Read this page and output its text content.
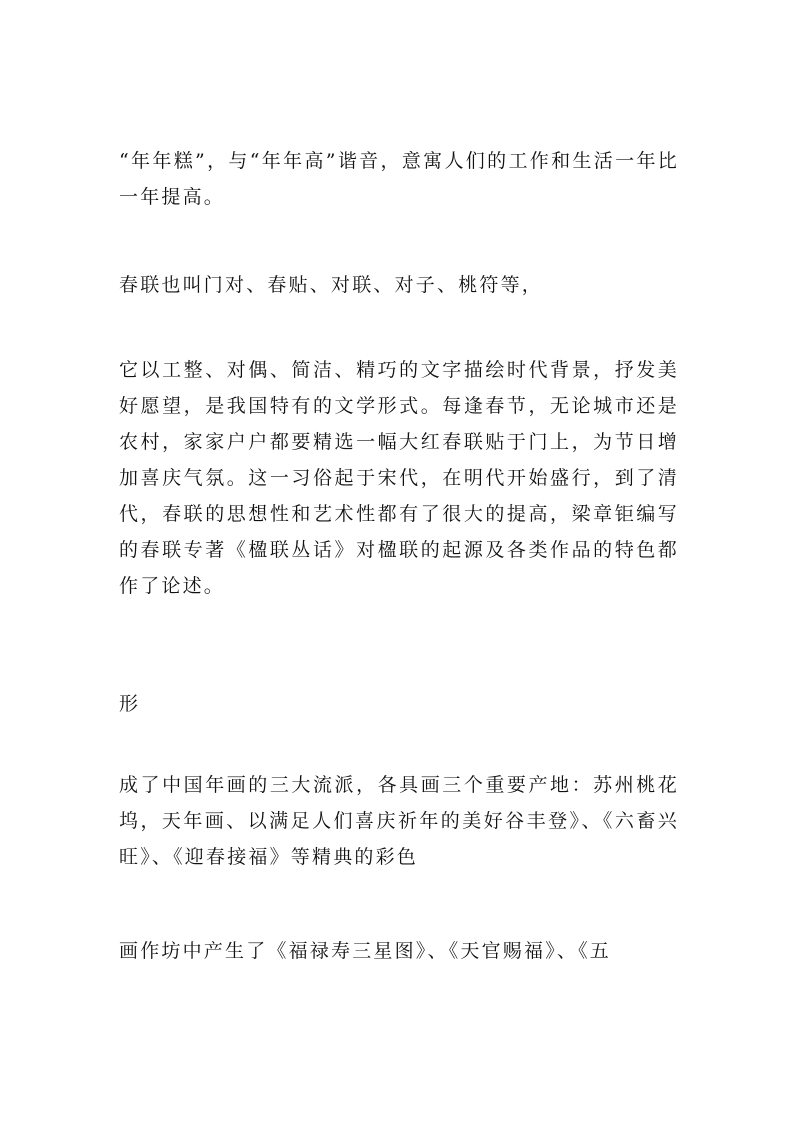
“年年糕”，与“年年高”谐音，意寓人们的工作和生活一年比一年提高。

春联也叫门对、春贴、对联、对子、桃符等，

它以工整、对偶、简洁、精巧的文字描绘时代背景，抒发美好愿望，是我国特有的文学形式。每逢春节，无论城市还是农村，家家户户都要精选一幅大红春联贴于门上，为节日增加喜庆气氛。这一习俗起于宋代，在明代开始盛行，到了清代，春联的思想性和艺术性都有了很大的提高，梁章钜编写的春联专著《楹联丛话》对楹联的起源及各类作品的特色都作了论述。

形

成了中国年画的三大流派，各具画三个重要产地：苏州桃花坞，天年画、以满足人们喜庆祈年的美好谷丰登》、《六畜兴旺》、《迎春接福》等精典的彩色

画作坊中产生了《福禄寿三星图》、《天官赐福》、《五
